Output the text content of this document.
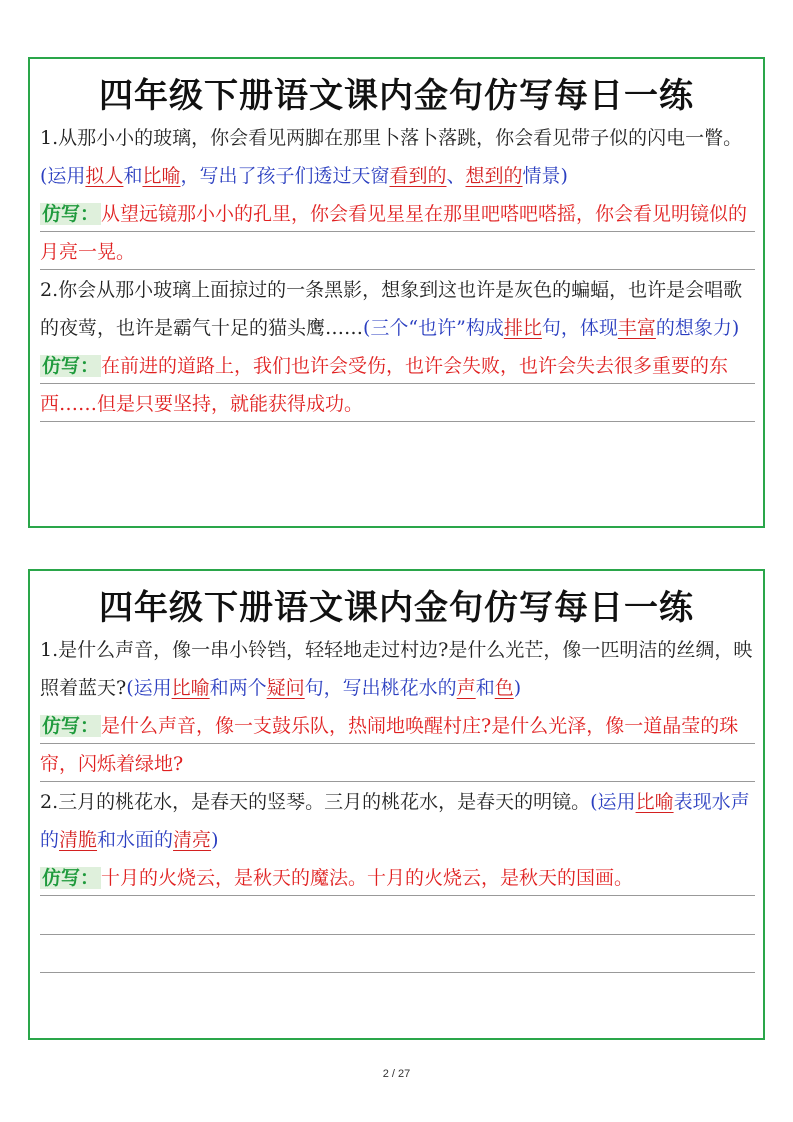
四年级下册语文课内金句仿写每日一练

1.从那小小的玻璃，你会看见两脚在那里卜落卜落跳，你会看见带子似的闪电一瞥。(运用拟人和比喻，写出了孩子们透过天窗看到的、想到的情景)

仿写： 从望远镜那小小的孔里，你会看见星星在那里吧嗒吧嗒摇，你会看见明镜似的月亮一晃。

2.你会从那小玻璃上面掠过的一条黑影，想象到这也许是灰色的蝙蝠，也许是会唱歌的夜莺，也许是霸气十足的猫头鹰……(三个“也许”构成排比句，体现丰富的想象力)

仿写： 在前进的道路上，我们也许会受伤，也许会失败，也许会失去很多重要的东西……但是只要坚持，就能获得成功。

四年级下册语文课内金句仿写每日一练

1.是什么声音，像一串小铃铛，轻轻地走过村边?是什么光芒，像一匹明洁的丝绸，映照着蓝天?(运用比喻和两个疑问句，写出桃花水的声和色)

仿写： 是什么声音，像一支鼓乐队，热闹地唤醒村庄?是什么光泽，像一道晶莹的珠帘，闪烁着绿地?

2.三月的桃花水，是春天的竖琴。三月的桃花水，是春天的明镜。(运用比喻表现水声的清脆和水面的清亮)

仿写： 十月的火烧云，是秋天的魔法。十月的火烧云，是秋天的国画。

2 / 27
